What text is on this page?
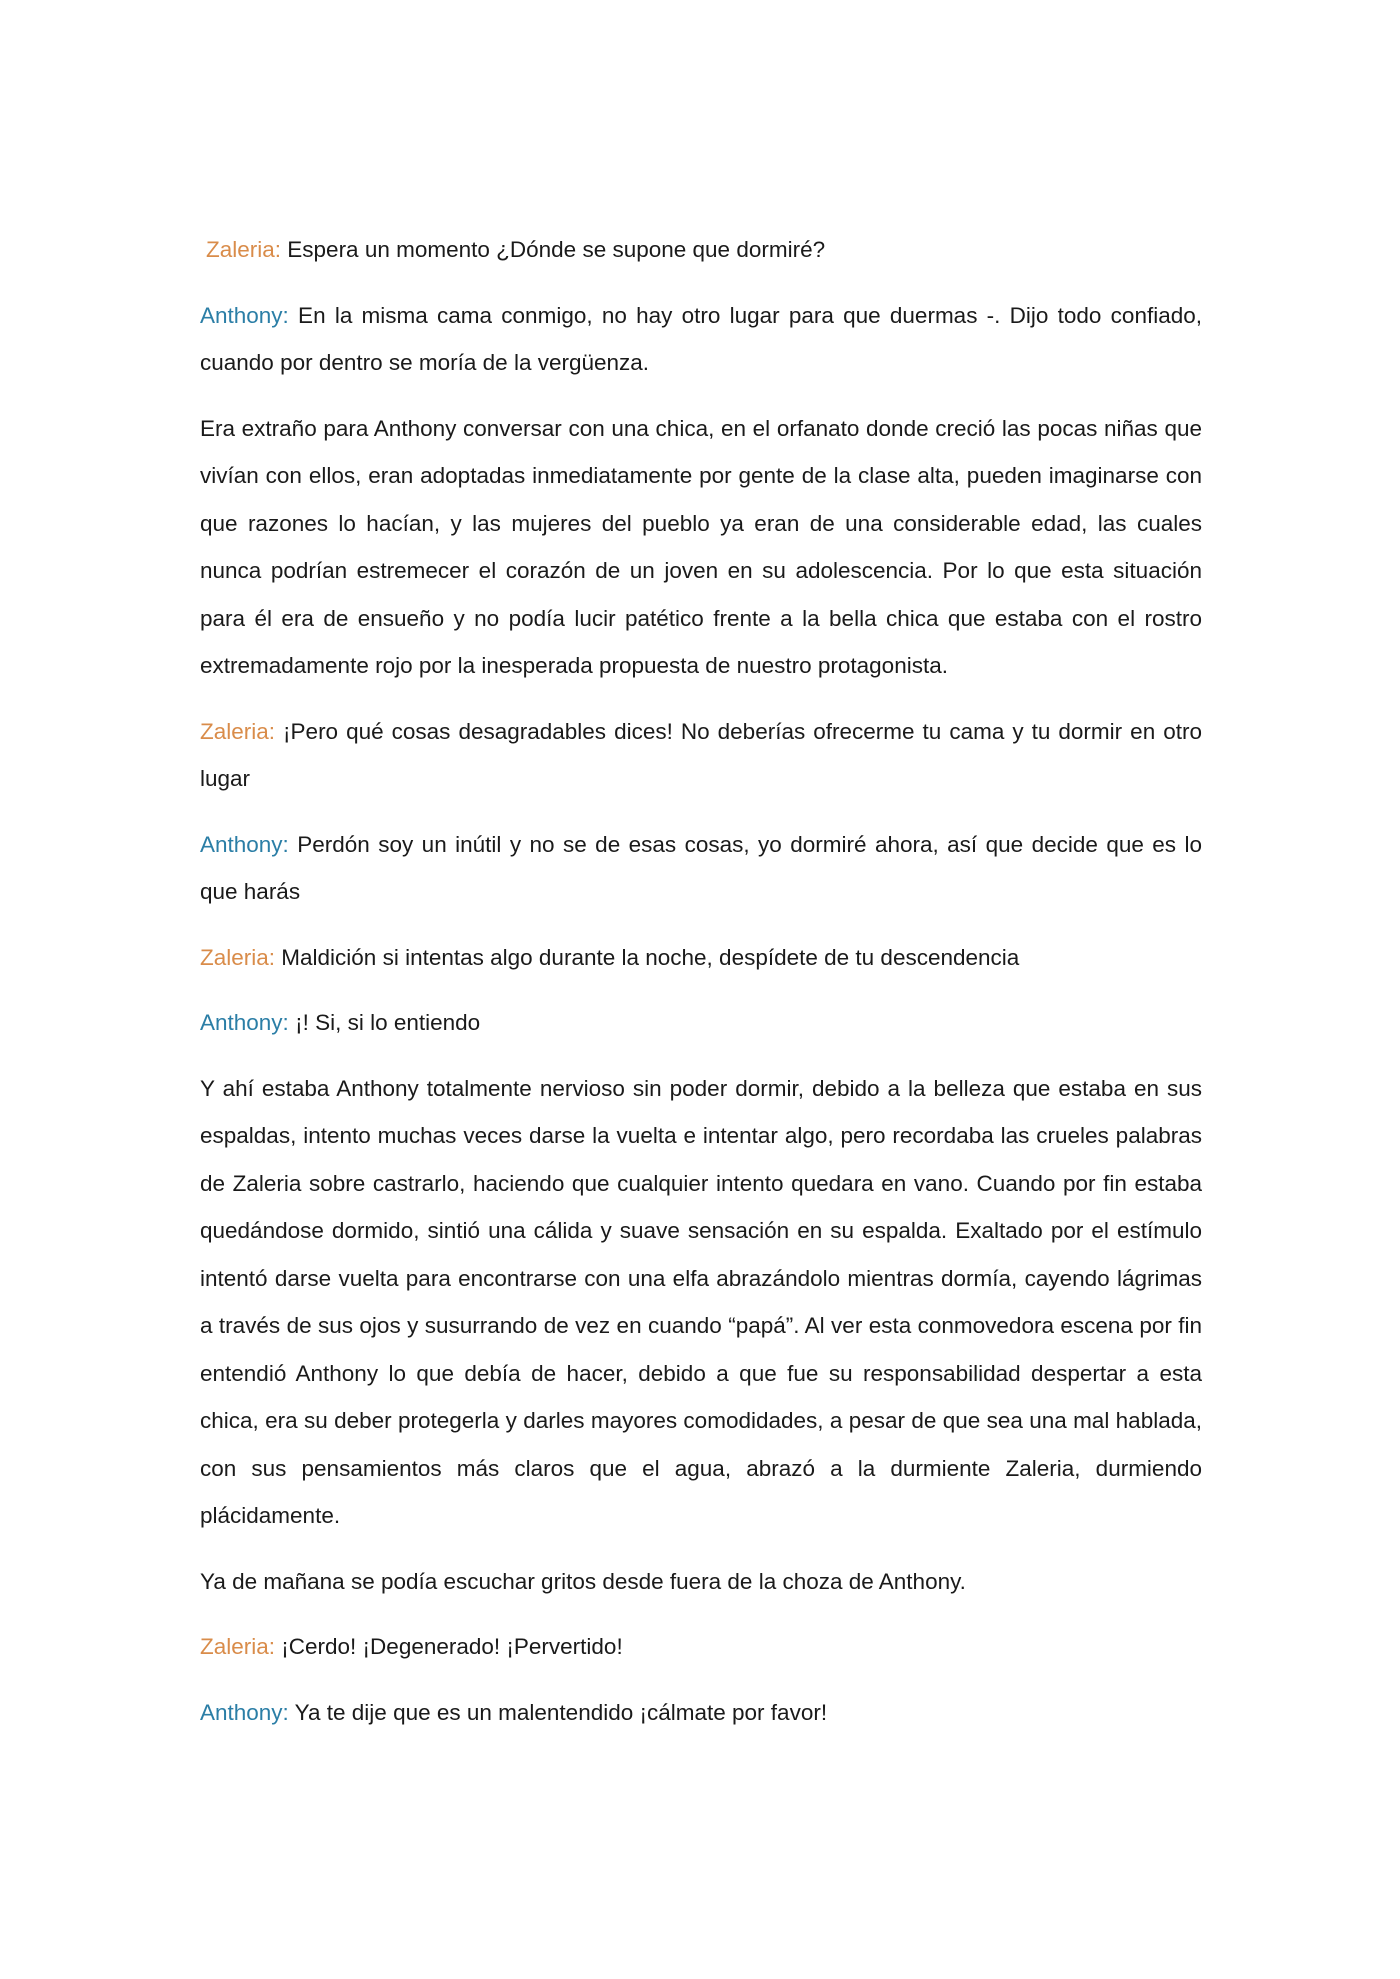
Zaleria: Espera un momento ¿Dónde se supone que dormiré?

Anthony: En la misma cama conmigo, no hay otro lugar para que duermas -. Dijo todo confiado, cuando por dentro se moría de la vergüenza.

Era extraño para Anthony conversar con una chica, en el orfanato donde creció las pocas niñas que vivían con ellos, eran adoptadas inmediatamente por gente de la clase alta, pueden imaginarse con que razones lo hacían, y las mujeres del pueblo ya eran de una considerable edad, las cuales nunca podrían estremecer el corazón de un joven en su adolescencia. Por lo que esta situación para él era de ensueño y no podía lucir patético frente a la bella chica que estaba con el rostro extremadamente rojo por la inesperada propuesta de nuestro protagonista.

Zaleria: ¡Pero qué cosas desagradables dices! No deberías ofrecerme tu cama y tu dormir en otro lugar

Anthony: Perdón soy un inútil y no se de esas cosas, yo dormiré ahora, así que decide que es lo que harás

Zaleria: Maldición si intentas algo durante la noche, despídete de tu descendencia

Anthony: ¡! Si, si lo entiendo

Y ahí estaba Anthony totalmente nervioso sin poder dormir, debido a la belleza que estaba en sus espaldas, intento muchas veces darse la vuelta e intentar algo, pero recordaba las crueles palabras de Zaleria sobre castrarlo, haciendo que cualquier intento quedara en vano. Cuando por fin estaba quedándose dormido, sintió una cálida y suave sensación en su espalda. Exaltado por el estímulo intentó darse vuelta para encontrarse con una elfa abrazándolo mientras dormía, cayendo lágrimas a través de sus ojos y susurrando de vez en cuando “papá”. Al ver esta conmovedora escena por fin entendió Anthony lo que debía de hacer, debido a que fue su responsabilidad despertar a esta chica, era su deber protegerla y darles mayores comodidades, a pesar de que sea una mal hablada, con sus pensamientos más claros que el agua, abrazó a la durmiente Zaleria, durmiendo plácidamente.

Ya de mañana se podía escuchar gritos desde fuera de la choza de Anthony.

Zaleria: ¡Cerdo! ¡Degenerado! ¡Pervertido!

Anthony: Ya te dije que es un malentendido ¡cálmate por favor!
